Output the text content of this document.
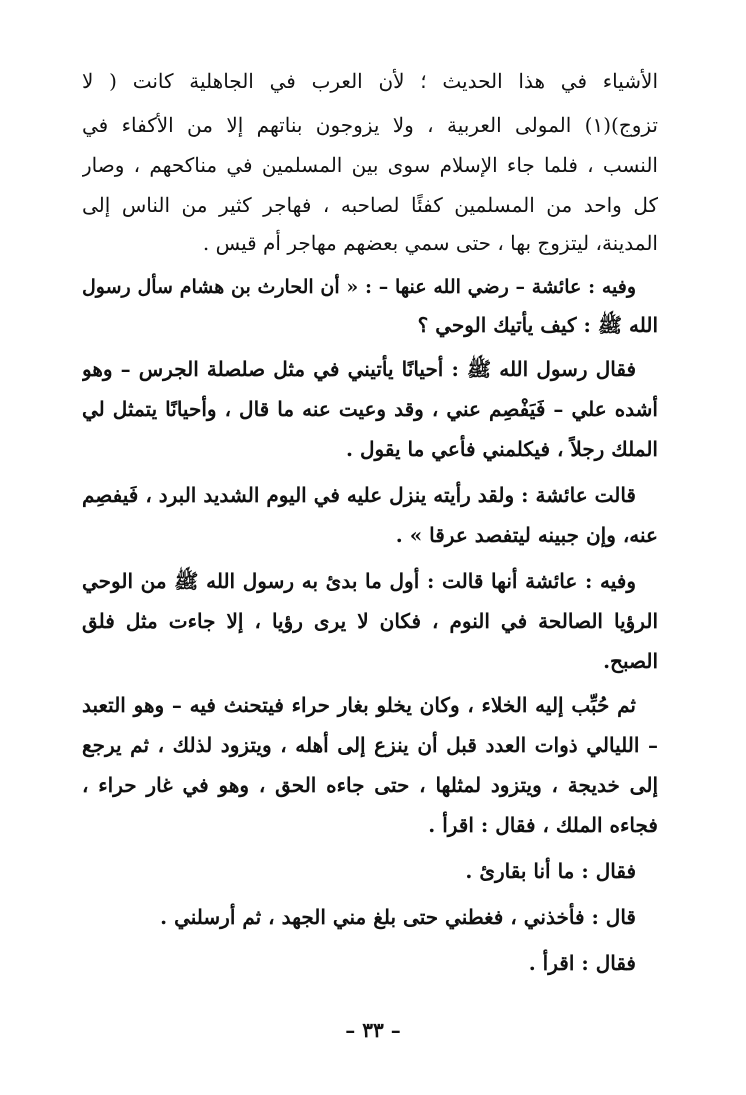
الأشياء في هذا الحديث ؛ لأن العرب في الجاهلية كانت ( لا
تزوج)(١) المولى العربية ، ولا يزوجون بناتهم إلا من الأكفاء في
النسب ، فلما جاء الإسلام سوى بين المسلمين في مناكحهم ، وصار
كل واحد من المسلمين كفئًا لصاحبه ، فهاجر كثير من الناس إلى
المدينة، ليتزوج بها ، حتى سمي بعضهم مهاجر أم قيس .
وفيه : عائشة – رضي الله عنها – : « أن الحارث بن هشام سأل رسول
الله ﷺ : كيف يأتيك الوحي ؟
فقال رسول الله ﷺ : أحيانًا يأتيني في مثل صلصلة الجرس – وهو
أشده علي – فَيَفْصِم عني ، وقد وعيت عنه ما قال ، وأحيانًا يتمثل لي
الملك رجلاً ، فيكلمني فأعي ما يقول .
قالت عائشة : ولقد رأيته ينزل عليه في اليوم الشديد البرد ، فَيفصِم
عنه، وإن جبينه ليتفصد عرقا » .
وفيه : عائشة أنها قالت : أول ما بدئ به رسول الله ﷺ من الوحي
الرؤيا الصالحة في النوم ، فكان لا يرى رؤيا ، إلا جاءت مثل فلق
الصبح.
ثم حُبِّب إليه الخلاء ، وكان يخلو بغار حراء فيتحنث فيه – وهو التعبد
– الليالي ذوات العدد قبل أن ينزع إلى أهله ، ويتزود لذلك ، ثم يرجع
إلى خديجة ، ويتزود لمثلها ، حتى جاءه الحق ، وهو في غار حراء ،
فجاءه الملك ، فقال : اقرأ .
فقال : ما أنا بقارئ .
قال : فأخذني ، فغطني حتى بلغ مني الجهد ، ثم أرسلني .
فقال : اقرأ .
– ٣٣ –
